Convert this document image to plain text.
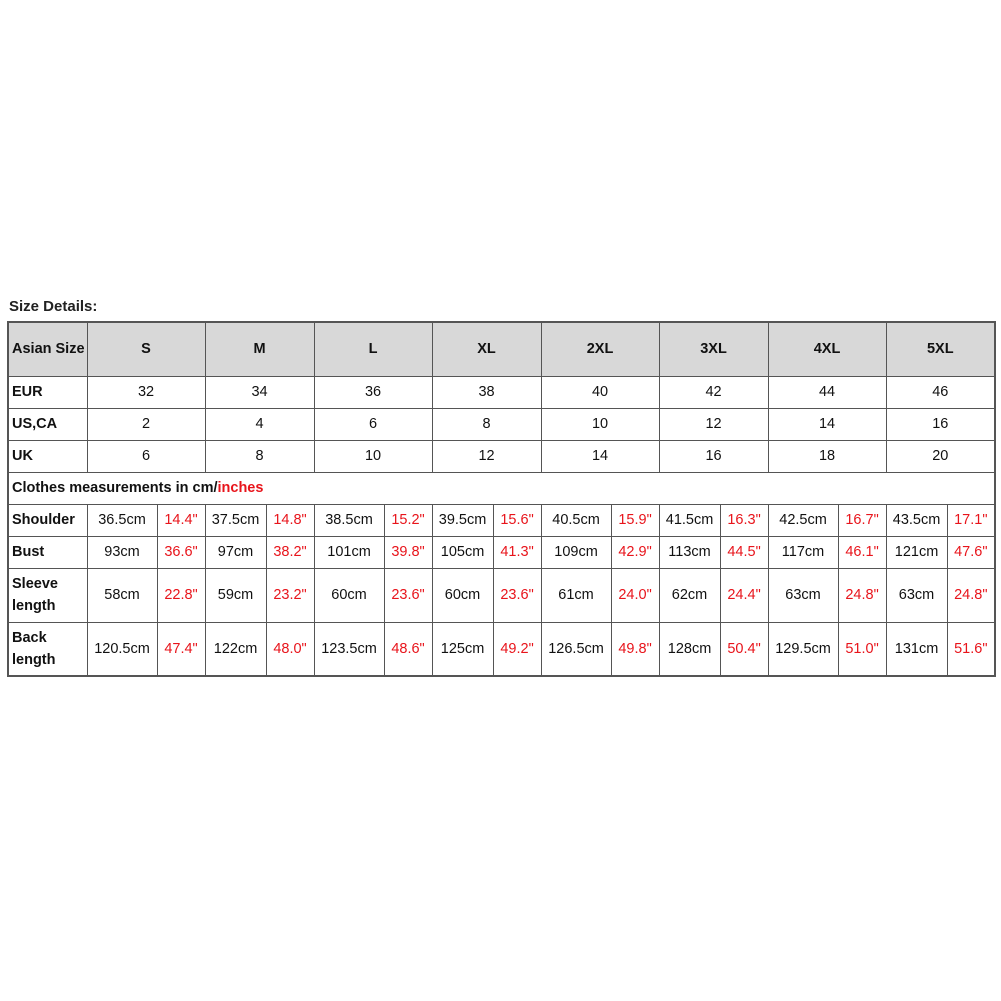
Size Details:
Asian Size	S		M		L		XL		2XL		3XL		4XL		5XL	
EUR	32		34		36		38		40		42		44		46	
US,CA	2		4		6		8		10		12		14		16	
UK	6		8		10		12		14		16		18		20	
Clothes measurements in cm/inches																
Shoulder	36.5cm	14.4"	37.5cm	14.8"	38.5cm	15.2"	39.5cm	15.6"	40.5cm	15.9"	41.5cm	16.3"	42.5cm	16.7"	43.5cm	17.1"
Bust	93cm	36.6"	97cm	38.2"	101cm	39.8"	105cm	41.3"	109cm	42.9"	113cm	44.5"	117cm	46.1"	121cm	47.6"
Sleeve length	58cm	22.8"	59cm	23.2"	60cm	23.6"	60cm	23.6"	61cm	24.0"	62cm	24.4"	63cm	24.8"	63cm	24.8"
Back length	120.5cm	47.4"	122cm	48.0"	123.5cm	48.6"	125cm	49.2"	126.5cm	49.8"	128cm	50.4"	129.5cm	51.0"	131cm	51.6"
